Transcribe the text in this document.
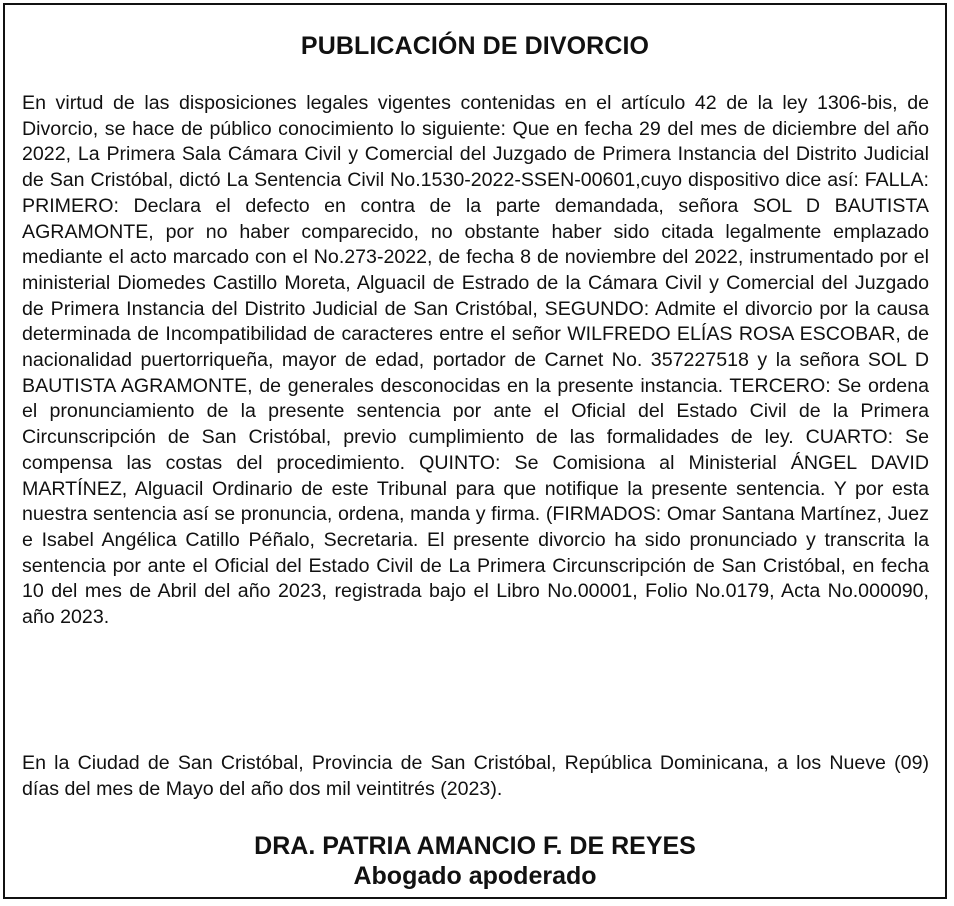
PUBLICACIÓN DE DIVORCIO

En virtud de las disposiciones legales vigentes contenidas en el artículo 42 de la ley 1306-bis, de Divorcio, se hace de público conocimiento lo siguiente: Que en fecha 29 del mes de diciembre del año 2022, La Primera Sala Cámara Civil y Comercial del Juzgado de Primera Instancia del Distrito Judicial de San Cristóbal, dictó La Sentencia Civil No.1530-2022-SSEN-00601,cuyo dispositivo dice así: FALLA: PRIMERO: Declara el defecto en contra de la parte demandada, señora SOL D BAUTISTA AGRAMONTE, por no haber comparecido, no obstante haber sido citada legalmente emplazado mediante el acto marcado con el No.273-2022, de fecha 8 de noviembre del 2022, instrumentado por el ministerial Diomedes Castillo Moreta, Alguacil de Estrado de la Cámara Civil y Comercial del Juzgado de Primera Instancia del Distrito Judicial de San Cristóbal, SEGUNDO: Admite el divorcio por la causa determinada de Incompatibilidad de caracteres entre el señor WILFREDO ELÍAS ROSA ESCOBAR, de nacionalidad puertorriqueña, mayor de edad, portador de Carnet No. 357227518 y la señora SOL D BAUTISTA AGRAMONTE, de generales desconocidas en la presente instancia. TERCERO: Se ordena el pronunciamiento de la presente sentencia por ante el Oficial del Estado Civil de la Primera Circunscripción de San Cristóbal, previo cumplimiento de las formalidades de ley. CUARTO: Se compensa las costas del procedimiento. QUINTO: Se Comisiona al Ministerial ÁNGEL DAVID MARTÍNEZ, Alguacil Ordinario de este Tribunal para que notifique la presente sentencia. Y por esta nuestra sentencia así se pronuncia, ordena, manda y firma. (FIRMADOS: Omar Santana Martínez, Juez e Isabel Angélica Catillo Péñalo, Secretaria. El presente divorcio ha sido pronunciado y transcrita la sentencia por ante el Oficial del Estado Civil de La Primera Circunscripción de San Cristóbal, en fecha 10 del mes de Abril del año 2023, registrada bajo el Libro No.00001, Folio No.0179, Acta No.000090, año 2023.

En la Ciudad de San Cristóbal, Provincia de San Cristóbal, República Dominicana, a los Nueve (09) días del mes de Mayo del año dos mil veintitrés (2023).

DRA. PATRIA AMANCIO F. DE REYES
Abogado apoderado
